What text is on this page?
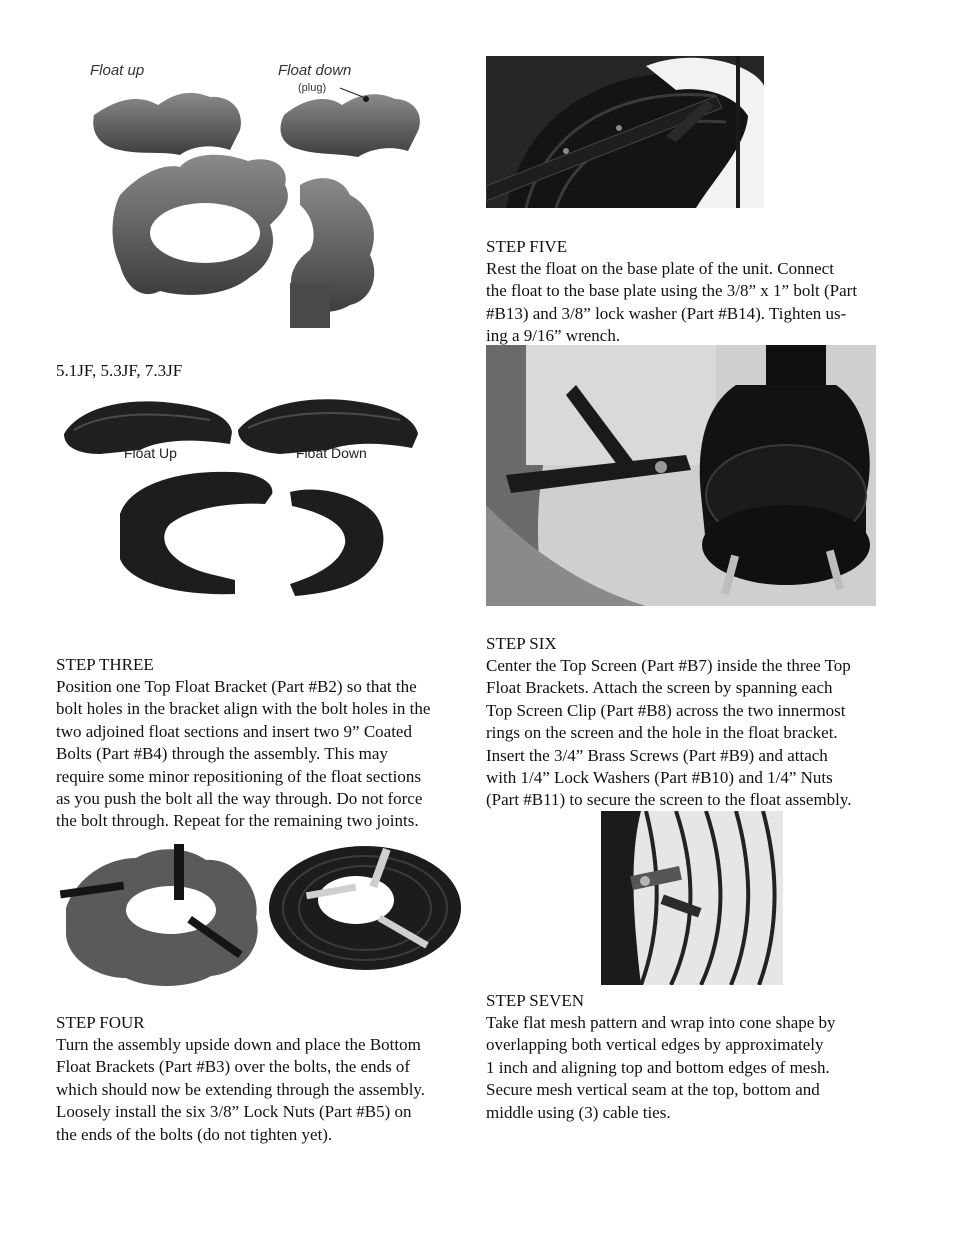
Float up	Float down
(plug)
5.1JF, 5.3JF, 7.3JF
Float Up	Float Down
STEP THREE
Position one Top Float Bracket (Part #B2) so that the
bolt holes in the bracket align with the bolt holes in the
two adjoined float sections and insert two 9” Coated
Bolts (Part #B4) through the assembly. This may
require some minor repositioning of the float sections
as you push the bolt all the way through. Do not force
the bolt through. Repeat for the remaining two joints.
STEP FOUR
Turn the assembly upside down and place the Bottom
Float Brackets (Part #B3) over the bolts, the ends of
which should now be extending through the assembly.
Loosely install the six 3/8” Lock Nuts (Part #B5) on
the ends of the bolts (do not tighten yet).
STEP FIVE
Rest the float on the base plate of the unit. Connect
the float to the base plate using the 3/8” x 1” bolt (Part
#B13) and 3/8” lock washer (Part #B14). Tighten us-
ing a 9/16” wrench.
STEP SIX
Center the Top Screen (Part #B7) inside the three Top
Float Brackets. Attach the screen by spanning each
Top Screen Clip (Part #B8) across the two innermost
rings on the screen and the hole in the float bracket.
Insert the 3/4” Brass Screws (Part #B9) and attach
with 1/4” Lock Washers (Part #B10) and 1/4” Nuts
(Part #B11) to secure the screen to the float assembly.
STEP SEVEN
Take flat mesh pattern and wrap into cone shape by
overlapping both vertical edges by approximately
1 inch and aligning top and bottom edges of mesh.
Secure mesh vertical seam at the top, bottom and
middle using (3) cable ties.
